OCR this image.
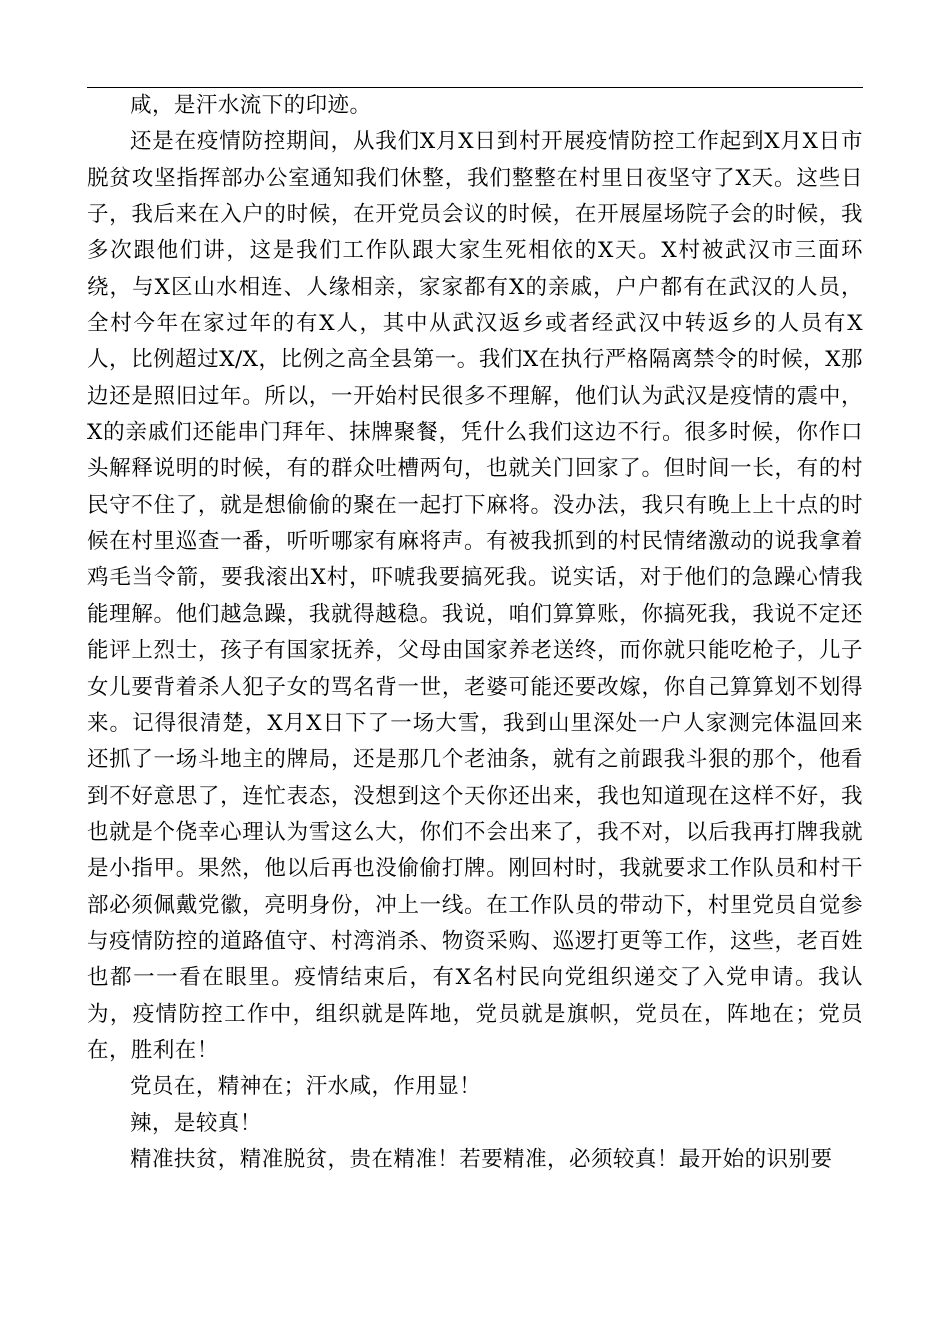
咸，是汗水流下的印迹。

还是在疫情防控期间，从我们X月X日到村开展疫情防控工作起到X月X日市脱贫攻坚指挥部办公室通知我们休整，我们整整在村里日夜坚守了X天。这些日子，我后来在入户的时候，在开党员会议的时候，在开展屋场院子会的时候，我多次跟他们讲，这是我们工作队跟大家生死相依的X天。X村被武汉市三面环绕，与X区山水相连、人缘相亲，家家都有X的亲戚，户户都有在武汉的人员，全村今年在家过年的有X人，其中从武汉返乡或者经武汉中转返乡的人员有X人，比例超过X/X，比例之高全县第一。我们X在执行严格隔离禁令的时候，X那边还是照旧过年。所以，一开始村民很多不理解，他们认为武汉是疫情的震中，X的亲戚们还能串门拜年、抹牌聚餐，凭什么我们这边不行。很多时候，你作口头解释说明的时候，有的群众吐槽两句，也就关门回家了。但时间一长，有的村民守不住了，就是想偷偷的聚在一起打下麻将。没办法，我只有晚上上十点的时候在村里巡查一番，听听哪家有麻将声。有被我抓到的村民情绪激动的说我拿着鸡毛当令箭，要我滚出X村，吓唬我要搞死我。说实话，对于他们的急躁心情我能理解。他们越急躁，我就得越稳。我说，咱们算算账，你搞死我，我说不定还能评上烈士，孩子有国家抚养，父母由国家养老送终，而你就只能吃枪子，儿子女儿要背着杀人犯子女的骂名背一世，老婆可能还要改嫁，你自己算算划不划得来。记得很清楚，X月X日下了一场大雪，我到山里深处一户人家测完体温回来还抓了一场斗地主的牌局，还是那几个老油条，就有之前跟我斗狠的那个，他看到不好意思了，连忙表态，没想到这个天你还出来，我也知道现在这样不好，我也就是个侥幸心理认为雪这么大，你们不会出来了，我不对，以后我再打牌我就是小指甲。果然，他以后再也没偷偷打牌。刚回村时，我就要求工作队员和村干部必须佩戴党徽，亮明身份，冲上一线。在工作队员的带动下，村里党员自觉参与疫情防控的道路值守、村湾消杀、物资采购、巡逻打更等工作，这些，老百姓也都一一看在眼里。疫情结束后，有X名村民向党组织递交了入党申请。我认为，疫情防控工作中，组织就是阵地，党员就是旗帜，党员在，阵地在；党员在，胜利在！

党员在，精神在；汗水咸，作用显！

辣，是较真！

精准扶贫，精准脱贫，贵在精准！若要精准，必须较真！最开始的识别要
